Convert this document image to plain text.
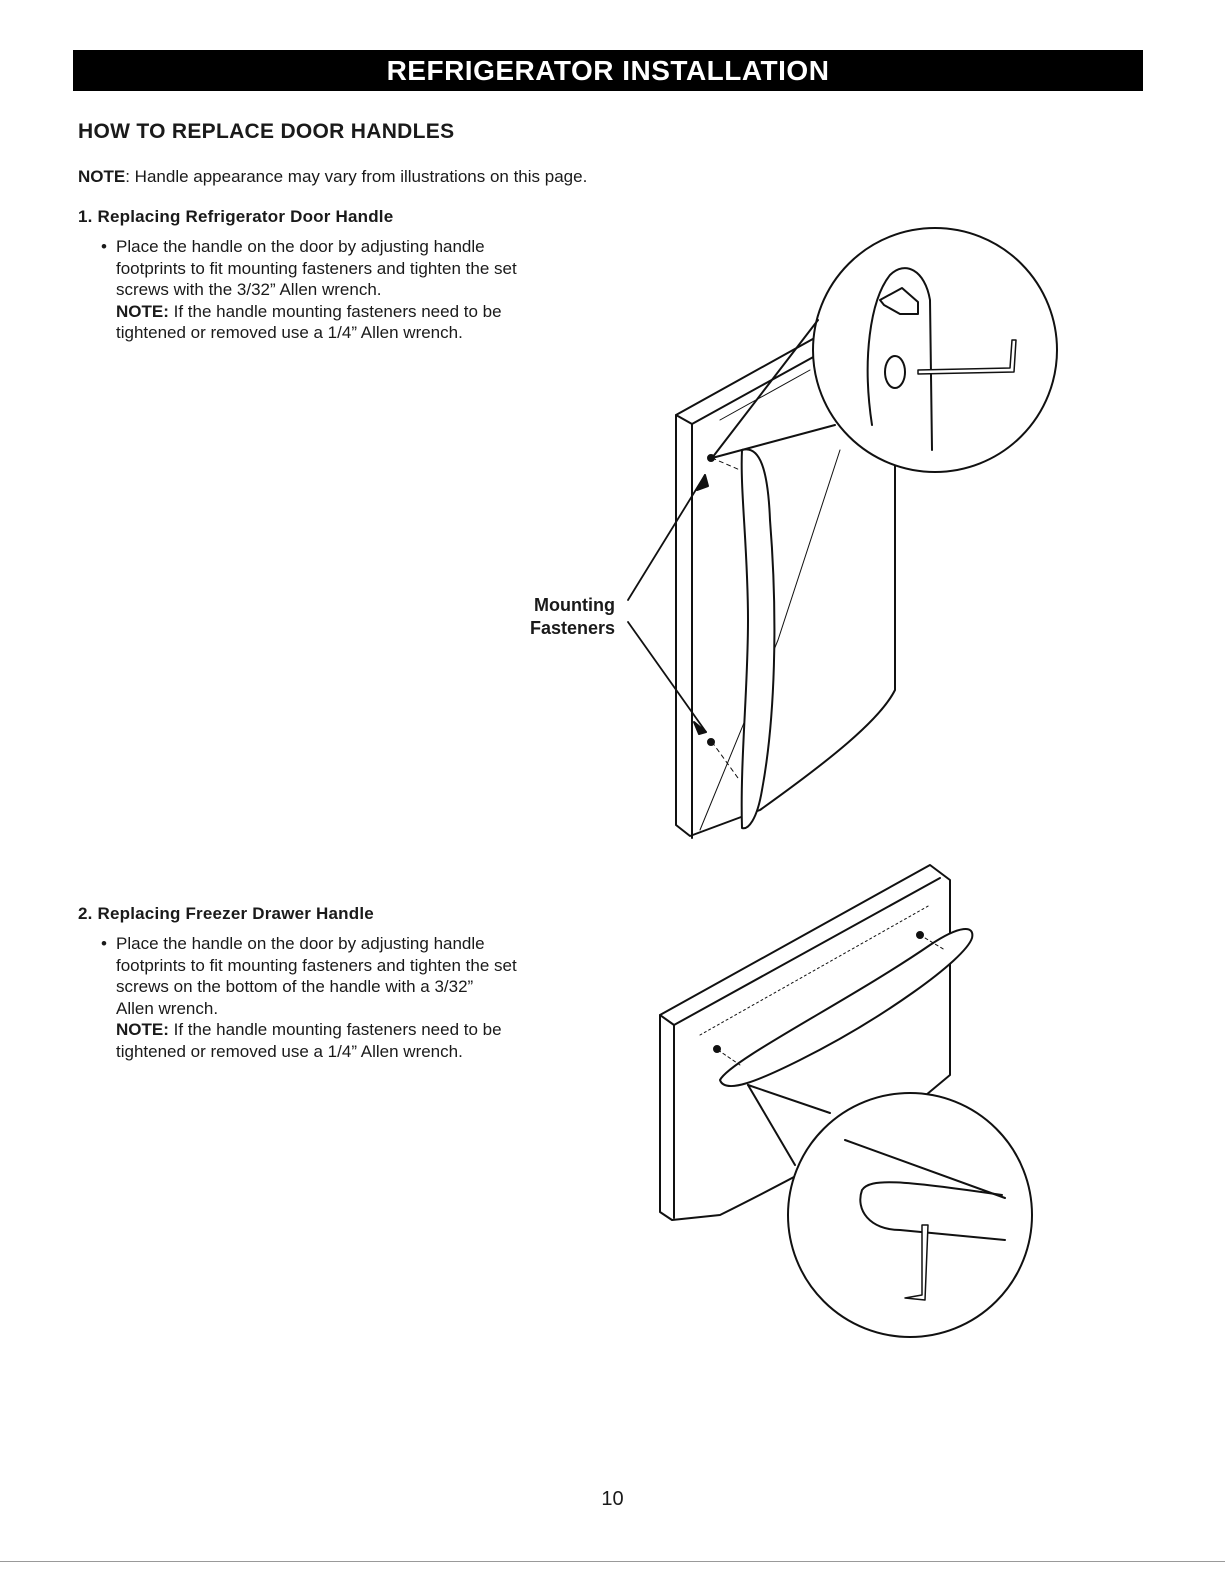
REFRIGERATOR INSTALLATION
HOW TO REPLACE DOOR HANDLES
NOTE: Handle appearance may vary from illustrations on this page.
1. Replacing Refrigerator Door Handle
• Place the handle on the door by adjusting handle
footprints to fit mounting fasteners and tighten the set
screws with the 3/32” Allen wrench.
NOTE: If the handle mounting fasteners need to be
tightened or removed use a 1/4” Allen wrench.
2. Replacing Freezer Drawer Handle
• Place the handle on the door by adjusting handle
footprints to fit mounting fasteners and tighten the set
screws on the bottom of the handle with a 3/32”
Allen wrench.
NOTE: If the handle mounting fasteners need to be
tightened or removed use a 1/4” Allen wrench.
Mounting
Fasteners
10
